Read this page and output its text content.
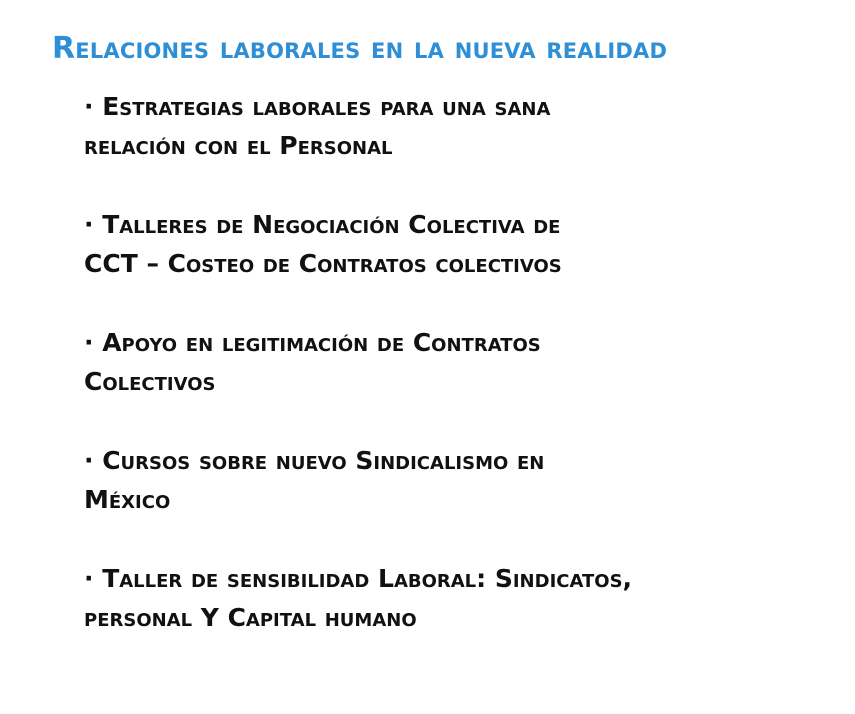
Relaciones laborales en la nueva realidad
· Estrategias laborales para una sana
relación con el Personal
· Talleres de Negociación Colectiva de
CCT – Costeo de Contratos colectivos
· Apoyo en legitimación de Contratos
Colectivos
· Cursos sobre nuevo Sindicalismo en
México
· Taller de sensibilidad Laboral: Sindicatos,
personal Y Capital humano
